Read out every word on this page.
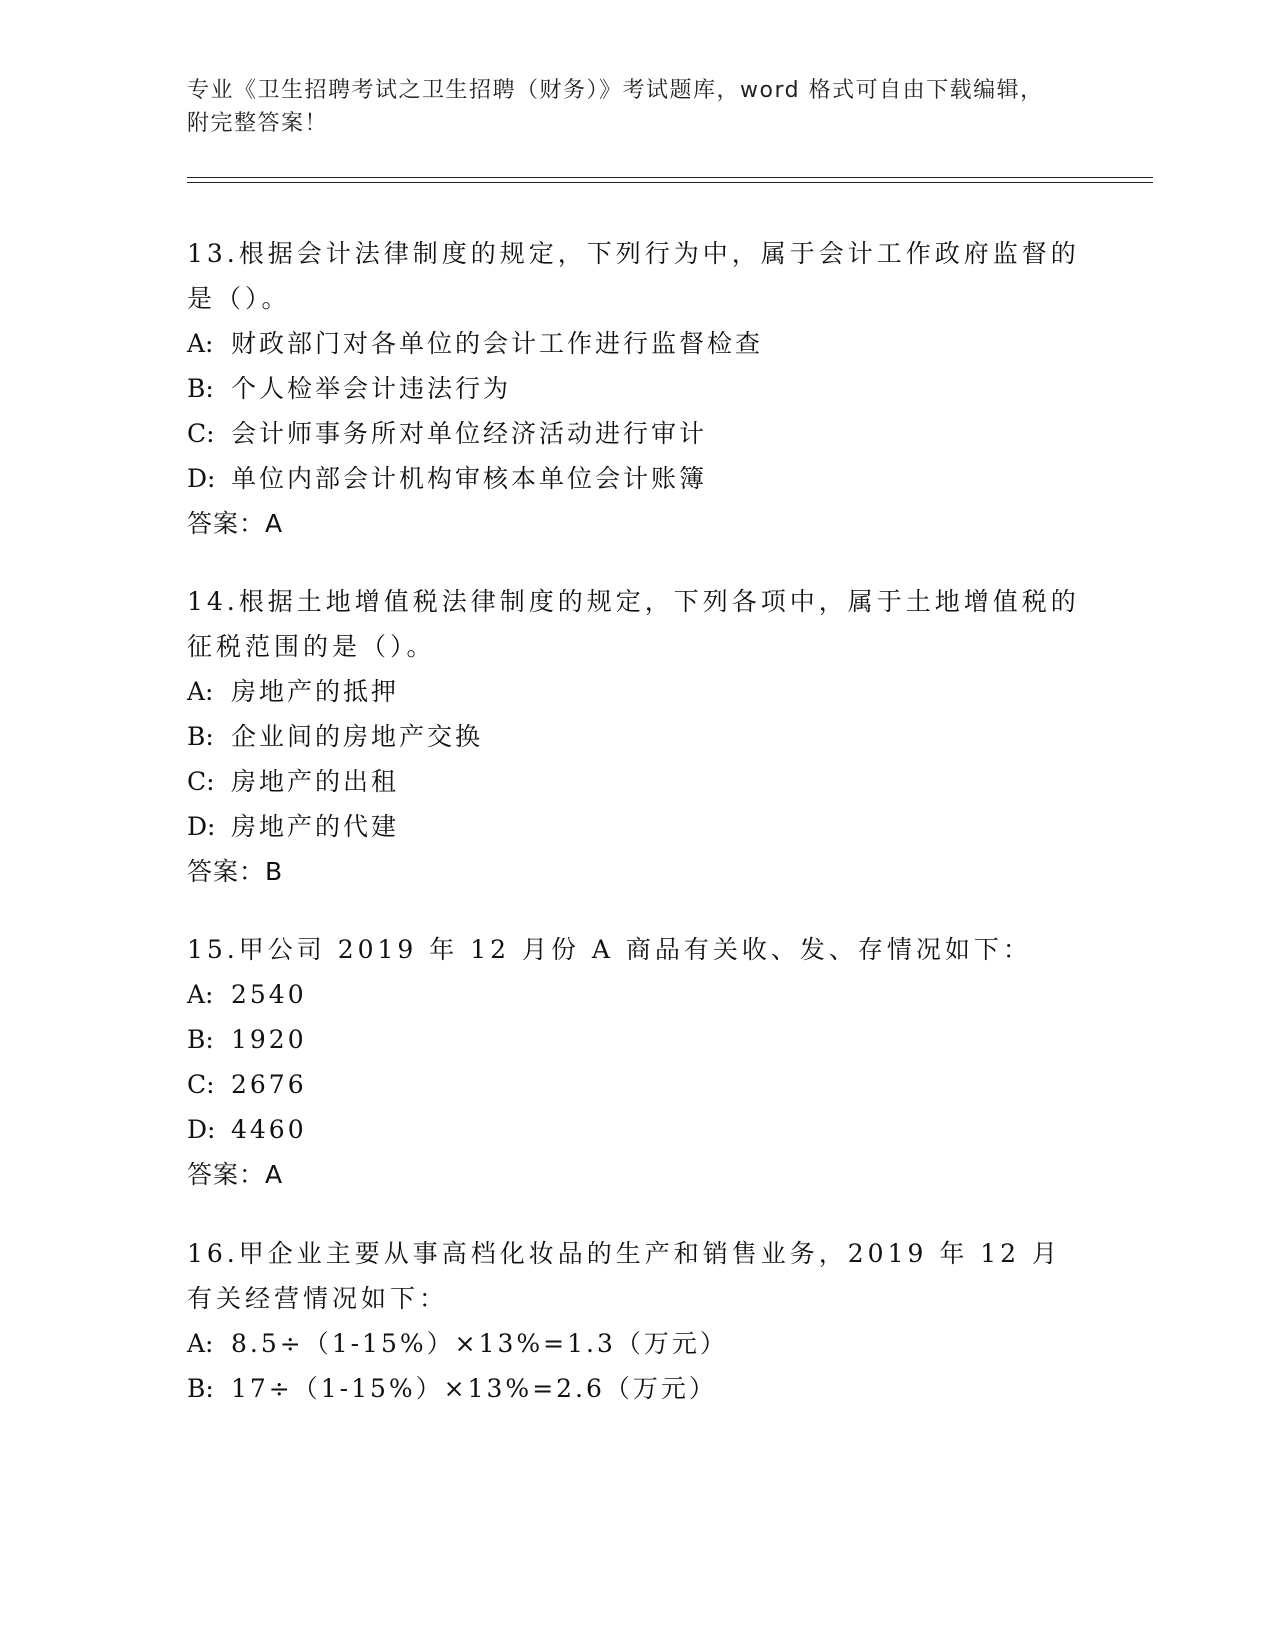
专业《卫生招聘考试之卫生招聘（财务）》考试题库，word 格式可自由下载编辑，附完整答案！

13.根据会计法律制度的规定，下列行为中，属于会计工作政府监督的是（）。

A: 财政部门对各单位的会计工作进行监督检查

B: 个人检举会计违法行为

C: 会计师事务所对单位经济活动进行审计

D: 单位内部会计机构审核本单位会计账簿

答案：A

14.根据土地增值税法律制度的规定，下列各项中，属于土地增值税的征税范围的是（）。

A: 房地产的抵押

B: 企业间的房地产交换

C: 房地产的出租

D: 房地产的代建

答案：B

15.甲公司 2019 年 12 月份 A 商品有关收、发、存情况如下：

A: 2540

B: 1920

C: 2676

D: 4460

答案：A

16.甲企业主要从事高档化妆品的生产和销售业务，2019 年 12 月有关经营情况如下：

A: 8.5÷（1-15%）×13%=1.3（万元）

B: 17÷（1-15%）×13%=2.6（万元）
